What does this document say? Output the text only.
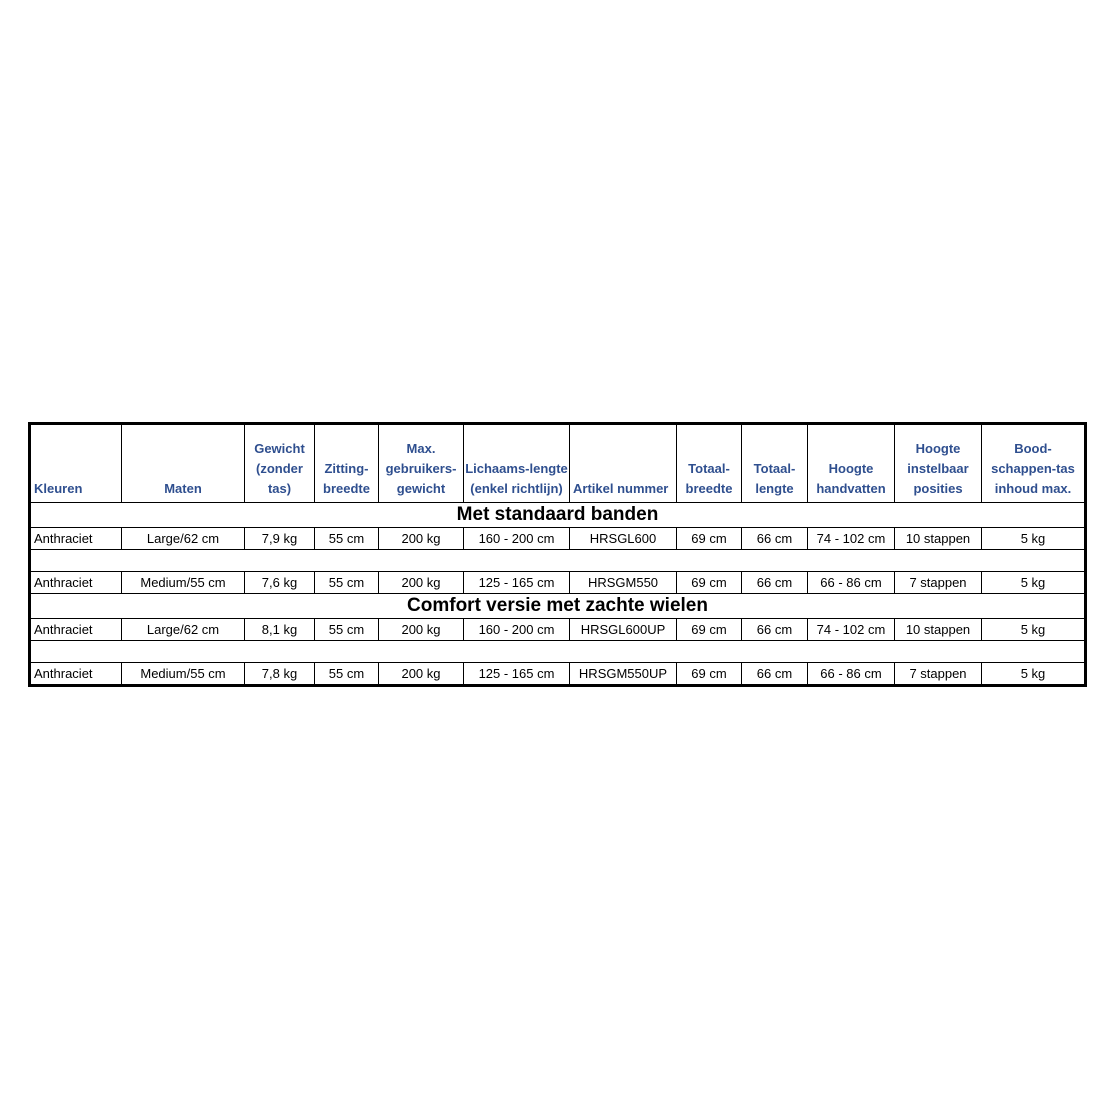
Kleuren	Maten	Gewicht (zonder tas)	Zitting-breedte	Max. gebruikers-gewicht	Lichaams-lengte (enkel richtlijn)	Artikel nummer	Totaal-breedte	Totaal-lengte	Hoogte handvatten	Hoogte instelbaar posities	Bood-schappen-tas inhoud max.
Met standaard banden											
Anthraciet	Large/62 cm	7,9 kg	55 cm	200 kg	160 - 200 cm	HRSGL600	69 cm	66 cm	74 - 102 cm	10 stappen	5 kg

Anthraciet	Medium/55 cm	7,6 kg	55 cm	200 kg	125 - 165 cm	HRSGM550	69 cm	66 cm	66 - 86 cm	7 stappen	5 kg
Comfort versie met zachte wielen											
Anthraciet	Large/62 cm	8,1 kg	55 cm	200 kg	160 - 200 cm	HRSGL600UP	69 cm	66 cm	74 - 102 cm	10 stappen	5 kg

Anthraciet	Medium/55 cm	7,8 kg	55 cm	200 kg	125 - 165 cm	HRSGM550UP	69 cm	66 cm	66 - 86 cm	7 stappen	5 kg
